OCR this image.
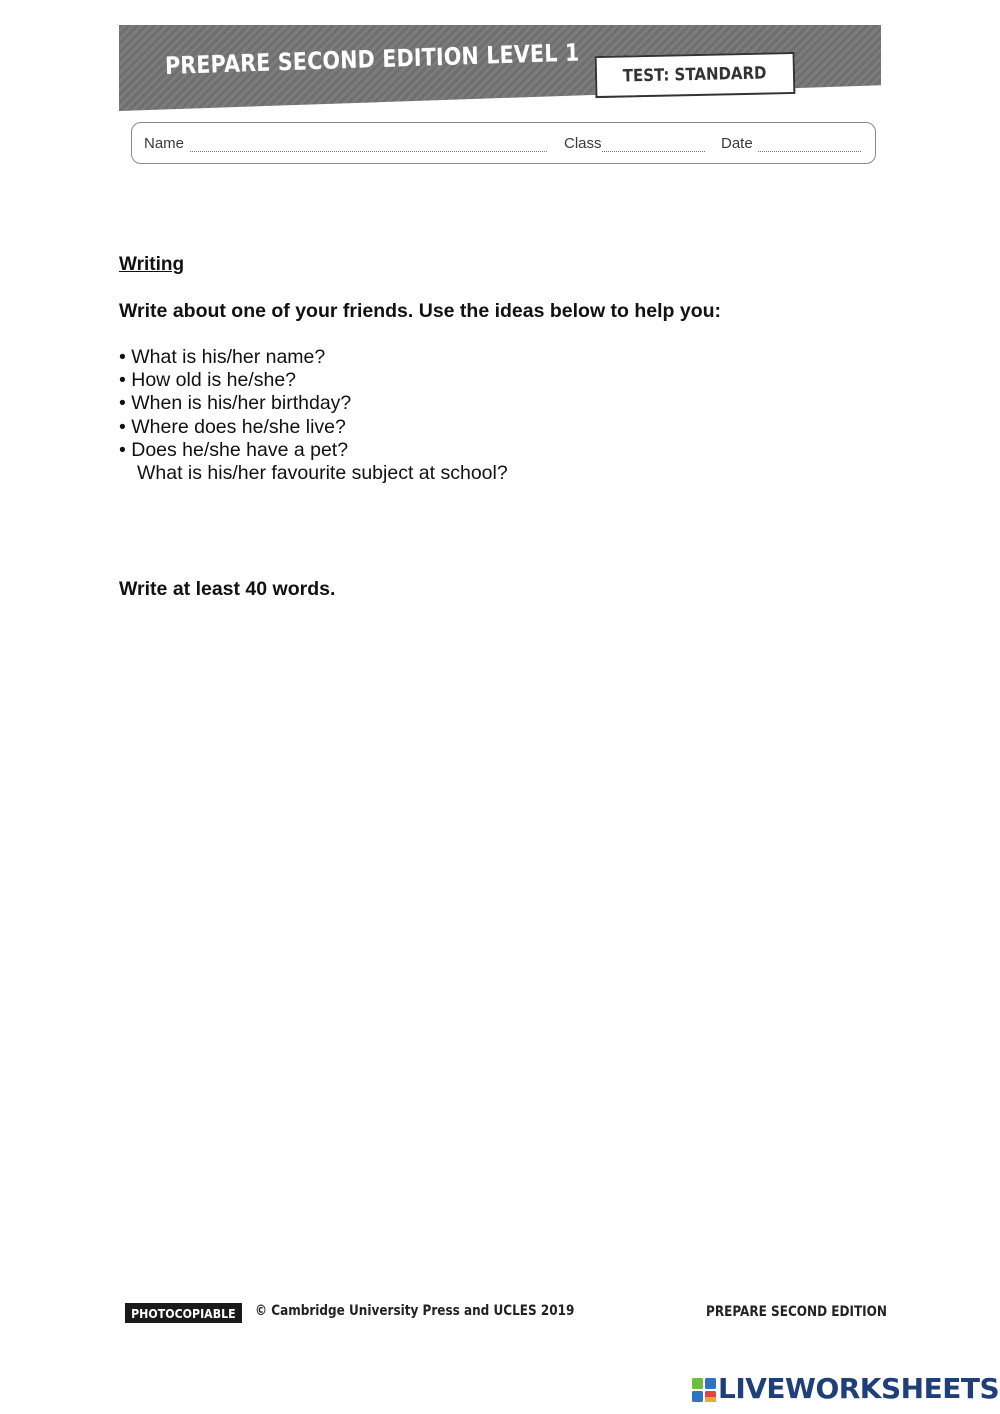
PREPARE SECOND EDITION LEVEL 1	TEST: STANDARD
Name	Class	Date
Writing
Write about one of your friends. Use the ideas below to help you:
• What is his/her name?
• How old is he/she?
• When is his/her birthday?
• Where does he/she live?
• Does he/she have a pet?
What is his/her favourite subject at school?
Write at least 40 words.
PHOTOCOPIABLE © Cambridge University Press and UCLES 2019	PREPARE SECOND EDITION
LIVEWORKSHEETS
